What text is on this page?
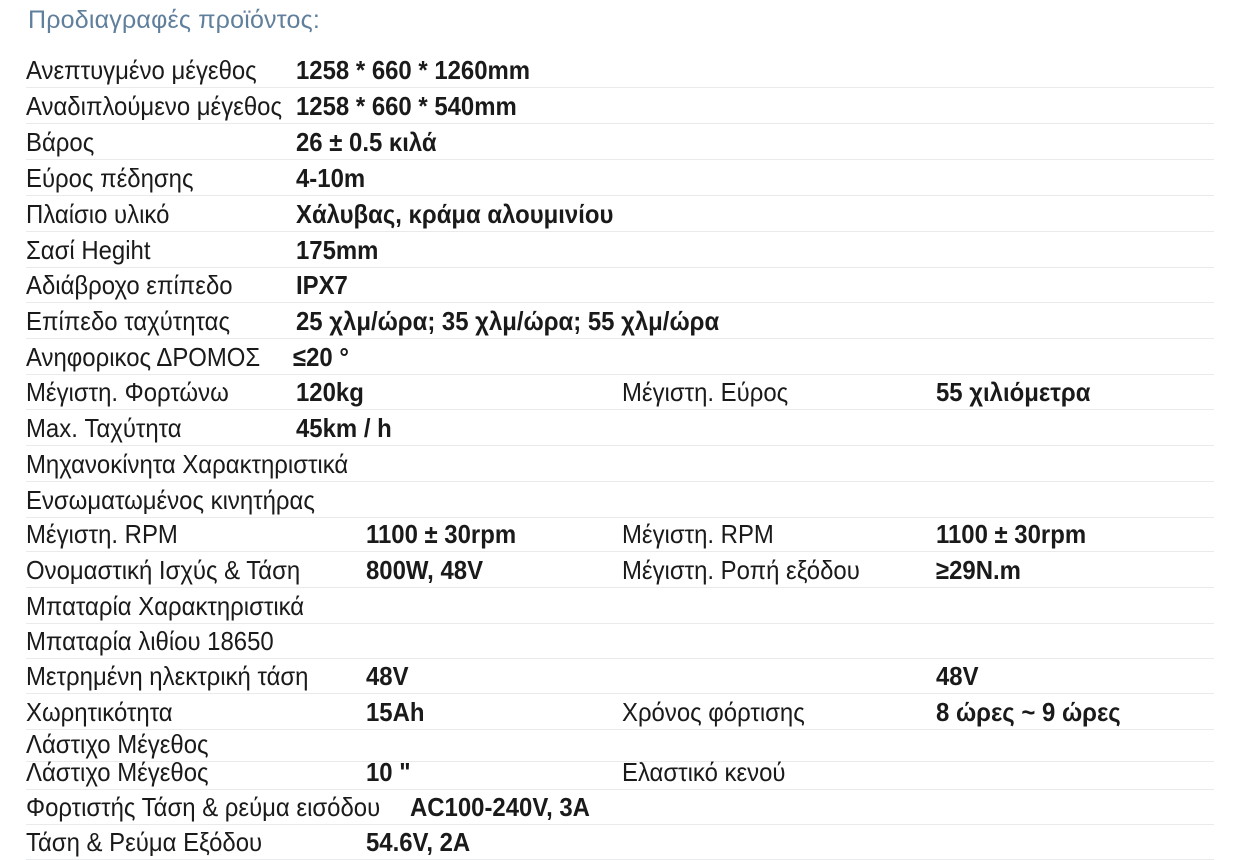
Προδιαγραφές προϊόντος:
Ανεπτυγμένο μέγεθος 1258 * 660 * 1260mm
Αναδιπλούμενο μέγεθος 1258 * 660 * 540mm
Βάρος	26 ± 0.5 κιλά
Εύρος πέδησης	4-10m
Πλαίσιο υλικό	Χάλυβας, κράμα αλουμινίου
Σασί Hegiht	175mm
Αδιάβροχο επίπεδο IPX7
Επίπεδο ταχύτητας	25 χλμ/ώρα; 35 χλμ/ώρα; 55 χλμ/ώρα
Ανηφορικος ΔΡΟΜΟΣ ≤20 °
Μέγιστη. Φορτώνω	120kg	Μέγιστη. Εύρος	55 χιλιόμετρα
Max. Ταχύτητα	45km / h
Μηχανοκίνητα Χαρακτηριστικά
Ενσωματωμένος κινητήρας
Μέγιστη. RPM	1100 ± 30rpm	Μέγιστη. RPM	1100 ± 30rpm
Ονομαστική Ισχύς & Τάση	800W, 48V	Μέγιστη. Ροπή εξόδου	≥29N.m
Μπαταρία Χαρακτηριστικά
Μπαταρία λιθίου 18650
Μετρημένη ηλεκτρική τάση 48V	48V
Χωρητικότητα	15Ah	Χρόνος φόρτισης	8 ώρες ~ 9 ώρες
Λάστιχο Μέγεθος
Λάστιχο Μέγεθος	10 "	Ελαστικό κενού
Φορτιστής Τάση & ρεύμα εισόδου AC100-240V, 3A
Τάση & Ρεύμα Εξόδου	54.6V, 2A
